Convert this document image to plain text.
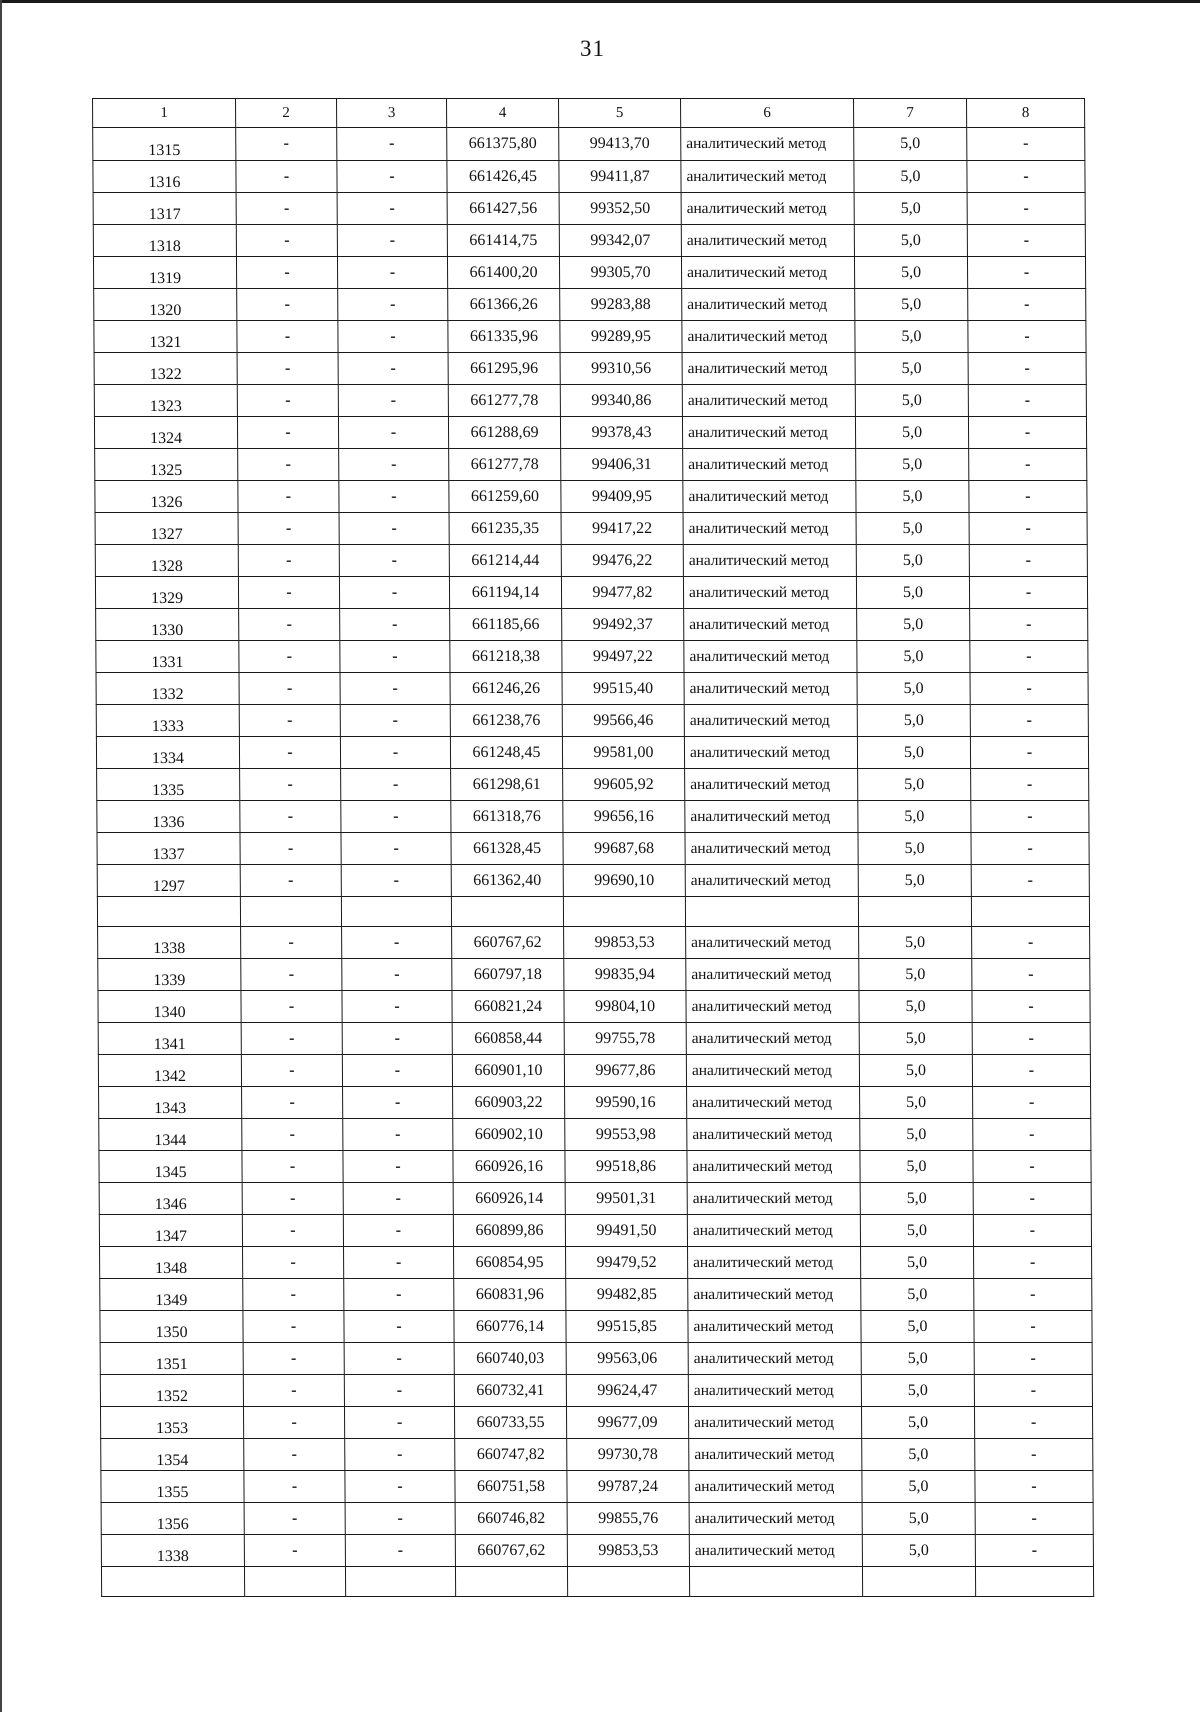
31
1	2	3	4	5	6	7	8
1315	-	-	661375,80	99413,70	аналитический метод	5,0	-
1316	-	-	661426,45	99411,87	аналитический метод	5,0	-
1317	-	-	661427,56	99352,50	аналитический метод	5,0	-
1318	-	-	661414,75	99342,07	аналитический метод	5,0	-
1319	-	-	661400,20	99305,70	аналитический метод	5,0	-
1320	-	-	661366,26	99283,88	аналитический метод	5,0	-
1321	-	-	661335,96	99289,95	аналитический метод	5,0	-
1322	-	-	661295,96	99310,56	аналитический метод	5,0	-
1323	-	-	661277,78	99340,86	аналитический метод	5,0	-
1324	-	-	661288,69	99378,43	аналитический метод	5,0	-
1325	-	-	661277,78	99406,31	аналитический метод	5,0	-
1326	-	-	661259,60	99409,95	аналитический метод	5,0	-
1327	-	-	661235,35	99417,22	аналитический метод	5,0	-
1328	-	-	661214,44	99476,22	аналитический метод	5,0	-
1329	-	-	661194,14	99477,82	аналитический метод	5,0	-
1330	-	-	661185,66	99492,37	аналитический метод	5,0	-
1331	-	-	661218,38	99497,22	аналитический метод	5,0	-
1332	-	-	661246,26	99515,40	аналитический метод	5,0	-
1333	-	-	661238,76	99566,46	аналитический метод	5,0	-
1334	-	-	661248,45	99581,00	аналитический метод	5,0	-
1335	-	-	661298,61	99605,92	аналитический метод	5,0	-
1336	-	-	661318,76	99656,16	аналитический метод	5,0	-
1337	-	-	661328,45	99687,68	аналитический метод	5,0	-
1297	-	-	661362,40	99690,10	аналитический метод	5,0	-

1338	-	-	660767,62	99853,53	аналитический метод	5,0	-
1339	-	-	660797,18	99835,94	аналитический метод	5,0	-
1340	-	-	660821,24	99804,10	аналитический метод	5,0	-
1341	-	-	660858,44	99755,78	аналитический метод	5,0	-
1342	-	-	660901,10	99677,86	аналитический метод	5,0	-
1343	-	-	660903,22	99590,16	аналитический метод	5,0	-
1344	-	-	660902,10	99553,98	аналитический метод	5,0	-
1345	-	-	660926,16	99518,86	аналитический метод	5,0	-
1346	-	-	660926,14	99501,31	аналитический метод	5,0	-
1347	-	-	660899,86	99491,50	аналитический метод	5,0	-
1348	-	-	660854,95	99479,52	аналитический метод	5,0	-
1349	-	-	660831,96	99482,85	аналитический метод	5,0	-
1350	-	-	660776,14	99515,85	аналитический метод	5,0	-
1351	-	-	660740,03	99563,06	аналитический метод	5,0	-
1352	-	-	660732,41	99624,47	аналитический метод	5,0	-
1353	-	-	660733,55	99677,09	аналитический метод	5,0	-
1354	-	-	660747,82	99730,78	аналитический метод	5,0	-
1355	-	-	660751,58	99787,24	аналитический метод	5,0	-
1356	-	-	660746,82	99855,76	аналитический метод	5,0	-
1338	-	-	660767,62	99853,53	аналитический метод	5,0	-
